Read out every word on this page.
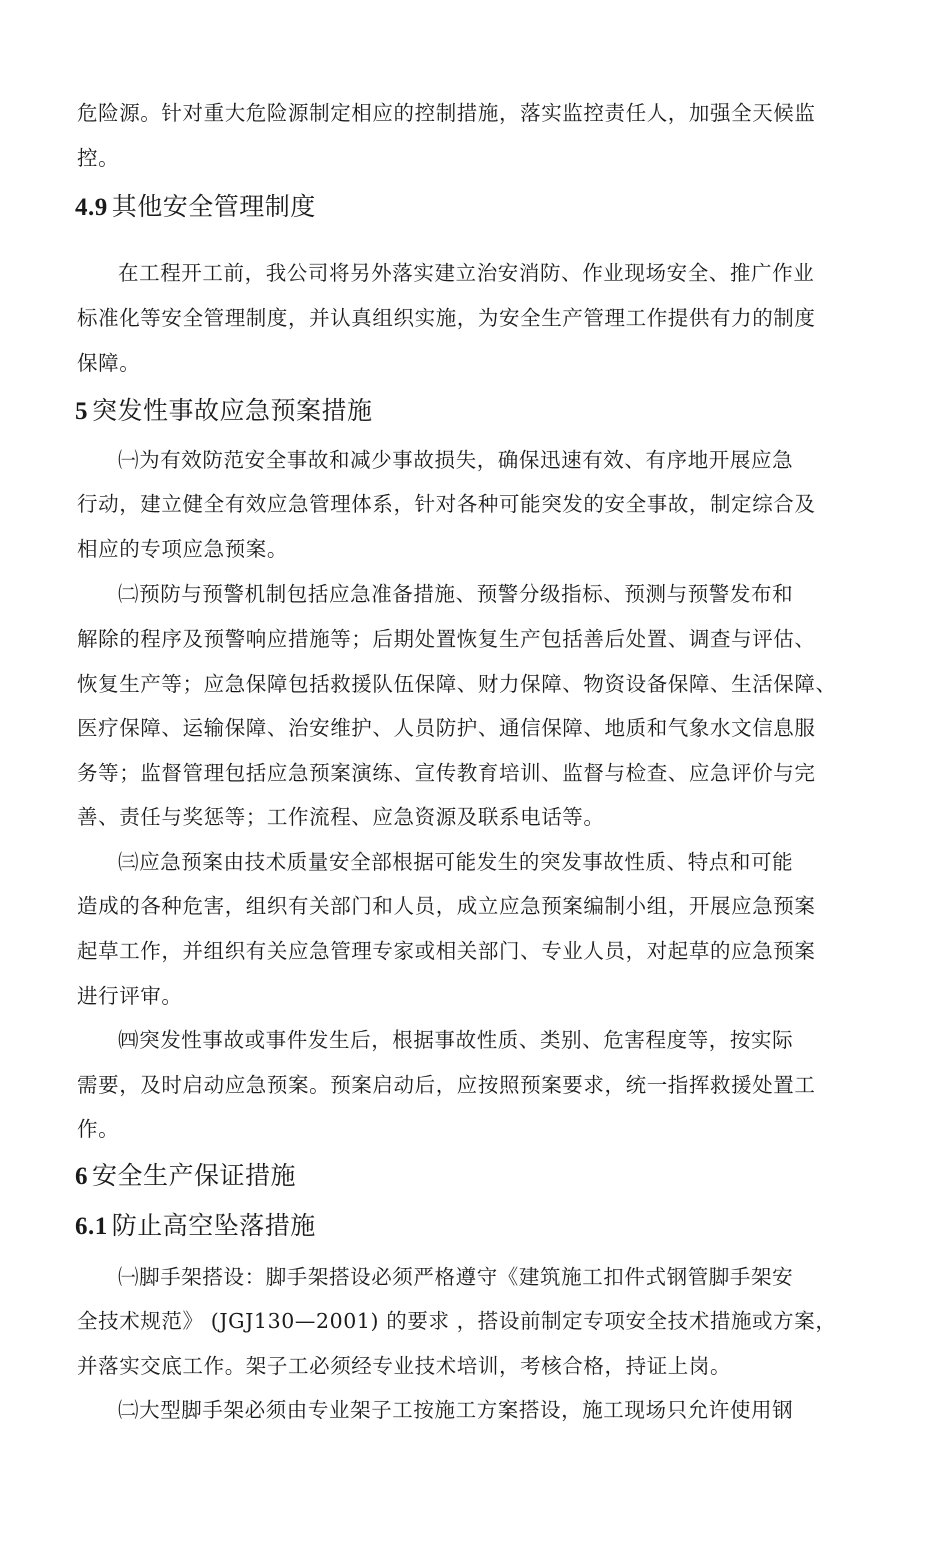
危险源。针对重大危险源制定相应的控制措施，落实监控责任人，加强全天候监
控。
4.9 其他安全管理制度
在工程开工前，我公司将另外落实建立治安消防、作业现场安全、推广作业
标准化等安全管理制度，并认真组织实施，为安全生产管理工作提供有力的制度
保障。
5 突发性事故应急预案措施
㈠为有效防范安全事故和减少事故损失，确保迅速有效、有序地开展应急
行动，建立健全有效应急管理体系，针对各种可能突发的安全事故，制定综合及
相应的专项应急预案。
㈡预防与预警机制包括应急准备措施、预警分级指标、预测与预警发布和
解除的程序及预警响应措施等；后期处置恢复生产包括善后处置、调查与评估、
恢复生产等；应急保障包括救援队伍保障、财力保障、物资设备保障、生活保障、
医疗保障、运输保障、治安维护、人员防护、通信保障、地质和气象水文信息服
务等；监督管理包括应急预案演练、宣传教育培训、监督与检查、应急评价与完
善、责任与奖惩等；工作流程、应急资源及联系电话等。
㈢应急预案由技术质量安全部根据可能发生的突发事故性质、特点和可能
造成的各种危害，组织有关部门和人员，成立应急预案编制小组，开展应急预案
起草工作，并组织有关应急管理专家或相关部门、专业人员，对起草的应急预案
进行评审。
㈣突发性事故或事件发生后，根据事故性质、类别、危害程度等，按实际
需要，及时启动应急预案。预案启动后，应按照预案要求，统一指挥救援处置工
作。
6 安全生产保证措施
6.1 防止高空坠落措施
㈠脚手架搭设：脚手架搭设必须严格遵守《建筑施工扣件式钢管脚手架安
全技术规范》 (JGJ130—2001) 的要求 ，搭设前制定专项安全技术措施或方案，
并落实交底工作。架子工必须经专业技术培训，考核合格，持证上岗。
㈡大型脚手架必须由专业架子工按施工方案搭设，施工现场只允许使用钢
